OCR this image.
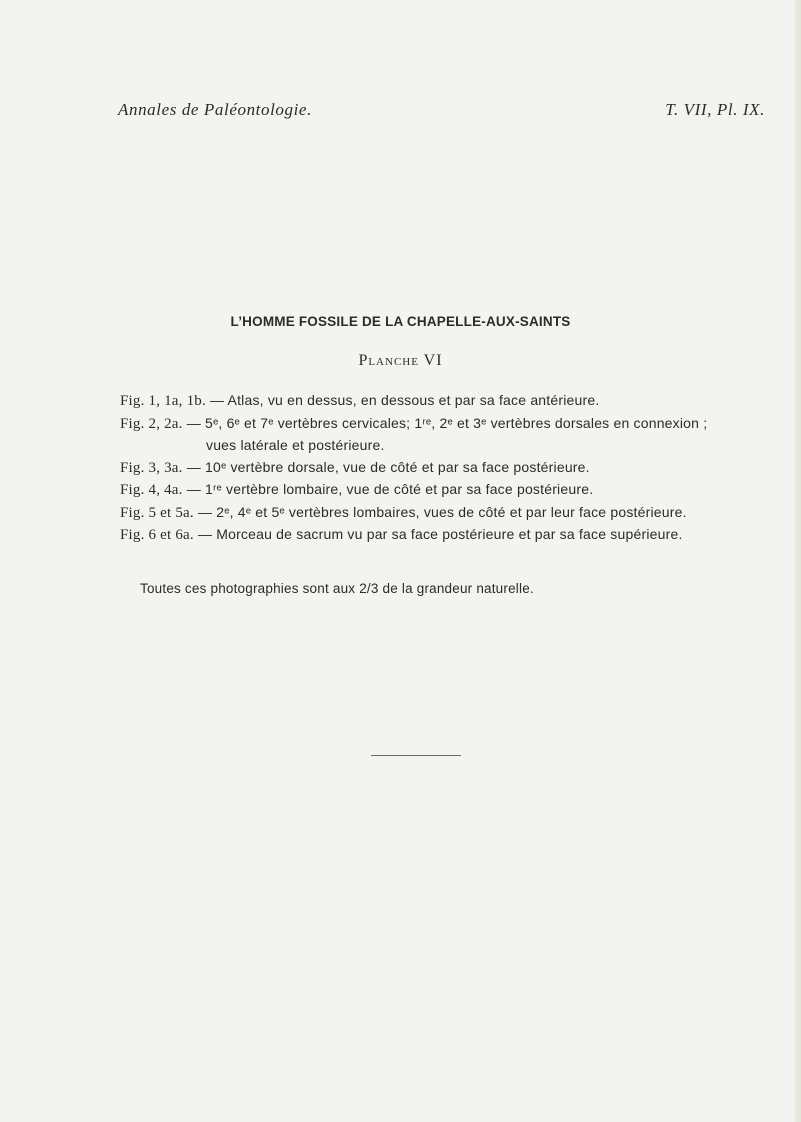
Annales de Paléontologie.	T. VII, Pl. IX.
L’HOMME FOSSILE DE LA CHAPELLE-AUX-SAINTS
Planche VI
Fig. 1, 1a, 1b. — Atlas, vu en dessus, en dessous et par sa face antérieure.
Fig. 2, 2a. — 5ᵉ, 6ᵉ et 7ᵉ vertèbres cervicales; 1ʳᵉ, 2ᵉ et 3ᵉ vertèbres dorsales en connexion ;
vues latérale et postérieure.
Fig. 3, 3a. — 10ᵉ vertèbre dorsale, vue de côté et par sa face postérieure.
Fig. 4, 4a. — 1ʳᵉ vertèbre lombaire, vue de côté et par sa face postérieure.
Fig. 5 et 5a. — 2ᵉ, 4ᵉ et 5ᵉ vertèbres lombaires, vues de côté et par leur face postérieure.
Fig. 6 et 6a. — Morceau de sacrum vu par sa face postérieure et par sa face supérieure.
Toutes ces photographies sont aux 2/3 de la grandeur naturelle.
